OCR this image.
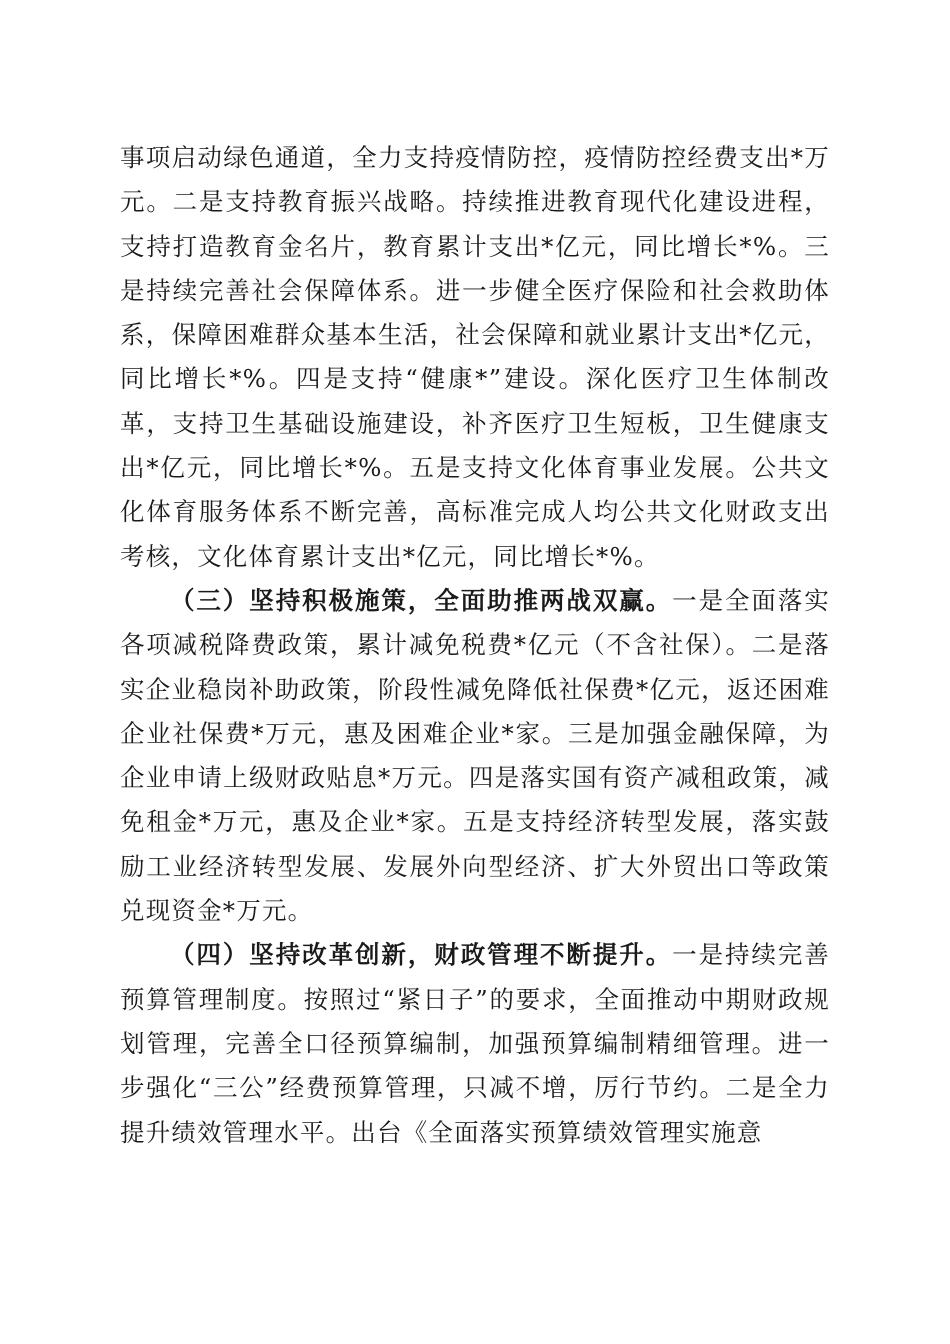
事项启动绿色通道，全力支持疫情防控，疫情防控经费支出*万元。二是支持教育振兴战略。持续推进教育现代化建设进程，支持打造教育金名片，教育累计支出*亿元，同比增长*%。三是持续完善社会保障体系。进一步健全医疗保险和社会救助体系，保障困难群众基本生活，社会保障和就业累计支出*亿元，同比增长*%。四是支持“健康*”建设。深化医疗卫生体制改革，支持卫生基础设施建设，补齐医疗卫生短板，卫生健康支出*亿元，同比增长*%。五是支持文化体育事业发展。公共文化体育服务体系不断完善，高标准完成人均公共文化财政支出考核，文化体育累计支出*亿元，同比增长*%。

（三）坚持积极施策，全面助推两战双赢。一是全面落实各项减税降费政策，累计减免税费*亿元（不含社保）。二是落实企业稳岗补助政策，阶段性减免降低社保费*亿元，返还困难企业社保费*万元，惠及困难企业*家。三是加强金融保障，为企业申请上级财政贴息*万元。四是落实国有资产减租政策，减免租金*万元，惠及企业*家。五是支持经济转型发展，落实鼓励工业经济转型发展、发展外向型经济、扩大外贸出口等政策兑现资金*万元。

（四）坚持改革创新，财政管理不断提升。一是持续完善预算管理制度。按照过“紧日子”的要求，全面推动中期财政规划管理，完善全口径预算编制，加强预算编制精细管理。进一步强化“三公”经费预算管理，只减不增，厉行节约。二是全力提升绩效管理水平。出台《全面落实预算绩效管理实施意
